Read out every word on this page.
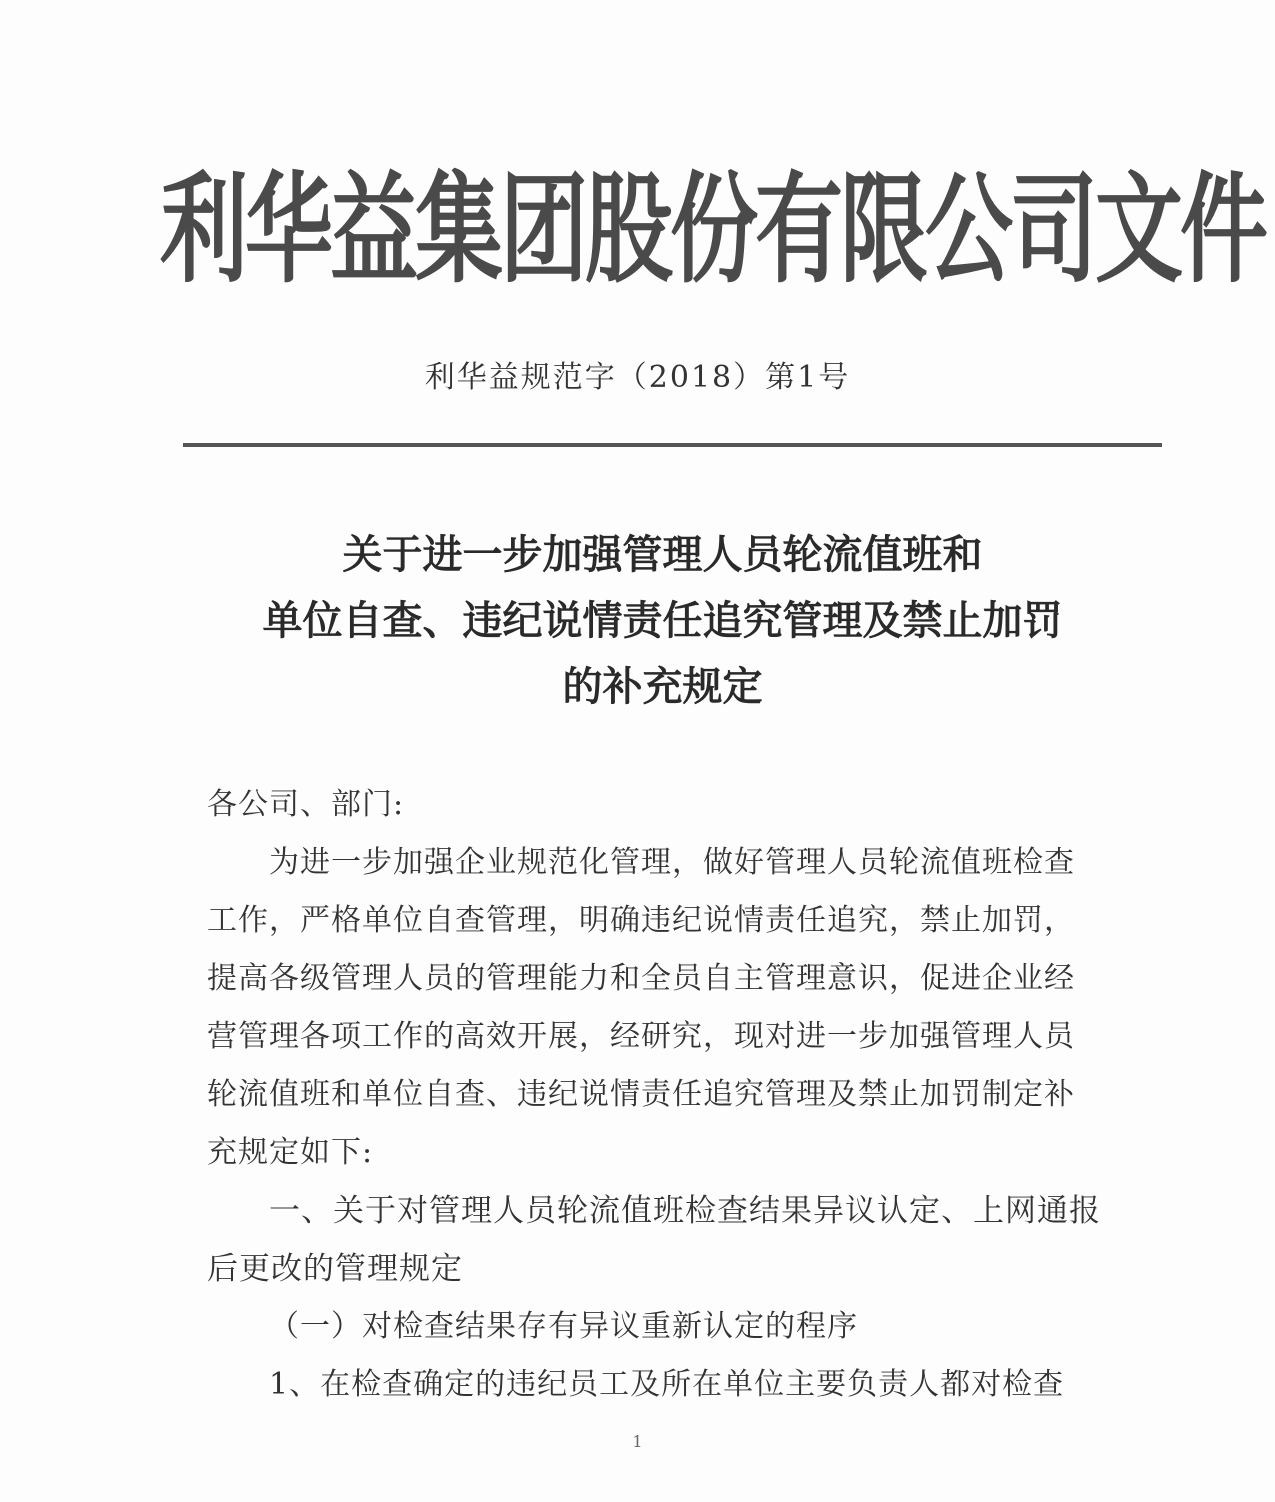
利华益集团股份有限公司文件
利华益规范字（2018）第1号
关于进一步加强管理人员轮流值班和
单位自查、违纪说情责任追究管理及禁止加罚
的补充规定
各公司、部门:
为进一步加强企业规范化管理，做好管理人员轮流值班检查
工作，严格单位自查管理，明确违纪说情责任追究，禁止加罚，
提高各级管理人员的管理能力和全员自主管理意识，促进企业经
营管理各项工作的高效开展，经研究，现对进一步加强管理人员
轮流值班和单位自查、违纪说情责任追究管理及禁止加罚制定补
充规定如下:
一、关于对管理人员轮流值班检查结果异议认定、上网通报
后更改的管理规定
（一）对检查结果存有异议重新认定的程序
1、在检查确定的违纪员工及所在单位主要负责人都对检查
1
